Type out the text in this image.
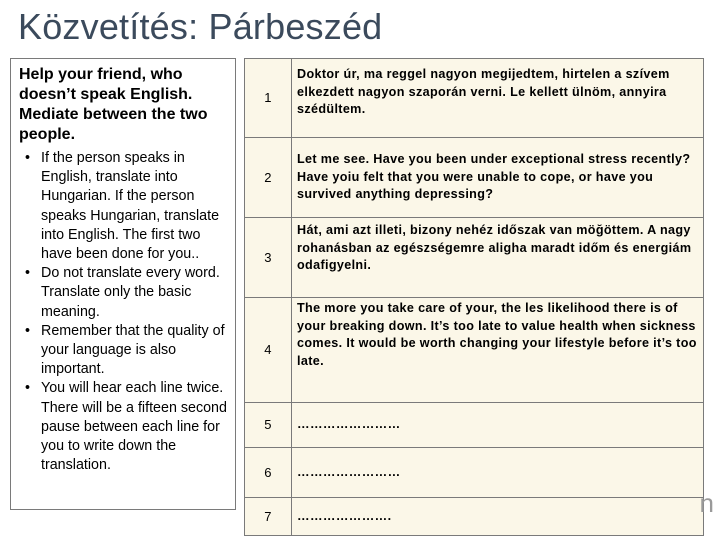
Közvetítés: Párbeszéd

Help your friend, who doesn’t speak English. Mediate between the two people.

• If the person speaks in English, translate into Hungarian. If the person speaks Hungarian, translate into English. The first two have been done for you..
• Do not translate every word. Translate only the basic meaning.
• Remember that the quality of your language is also important.
• You will hear each line twice. There will be a fifteen second pause between each line for you to write down the translation.
1	Doktor úr, ma reggel nagyon megijedtem, hirtelen a szívem elkezdett nagyon szaporán verni. Le kellett ülnöm, annyira szédültem.
2	Let me see. Have you been under exceptional stress recently? Have yoiu felt that you were unable to cope, or have you survived anything depressing?
3	Hát, ami azt illeti, bizony nehéz időszak van möğöttem. A nagy rohanásban az egészségemre aligha maradt időm és energiám odafigyelni.
4	The more you take care of your, the les likelihood there is of your breaking down. It’s too late to value health when sickness comes. It would be worth changing your lifestyle before it’s too late.
5	……………………
6	……………………
7	………………….	n
